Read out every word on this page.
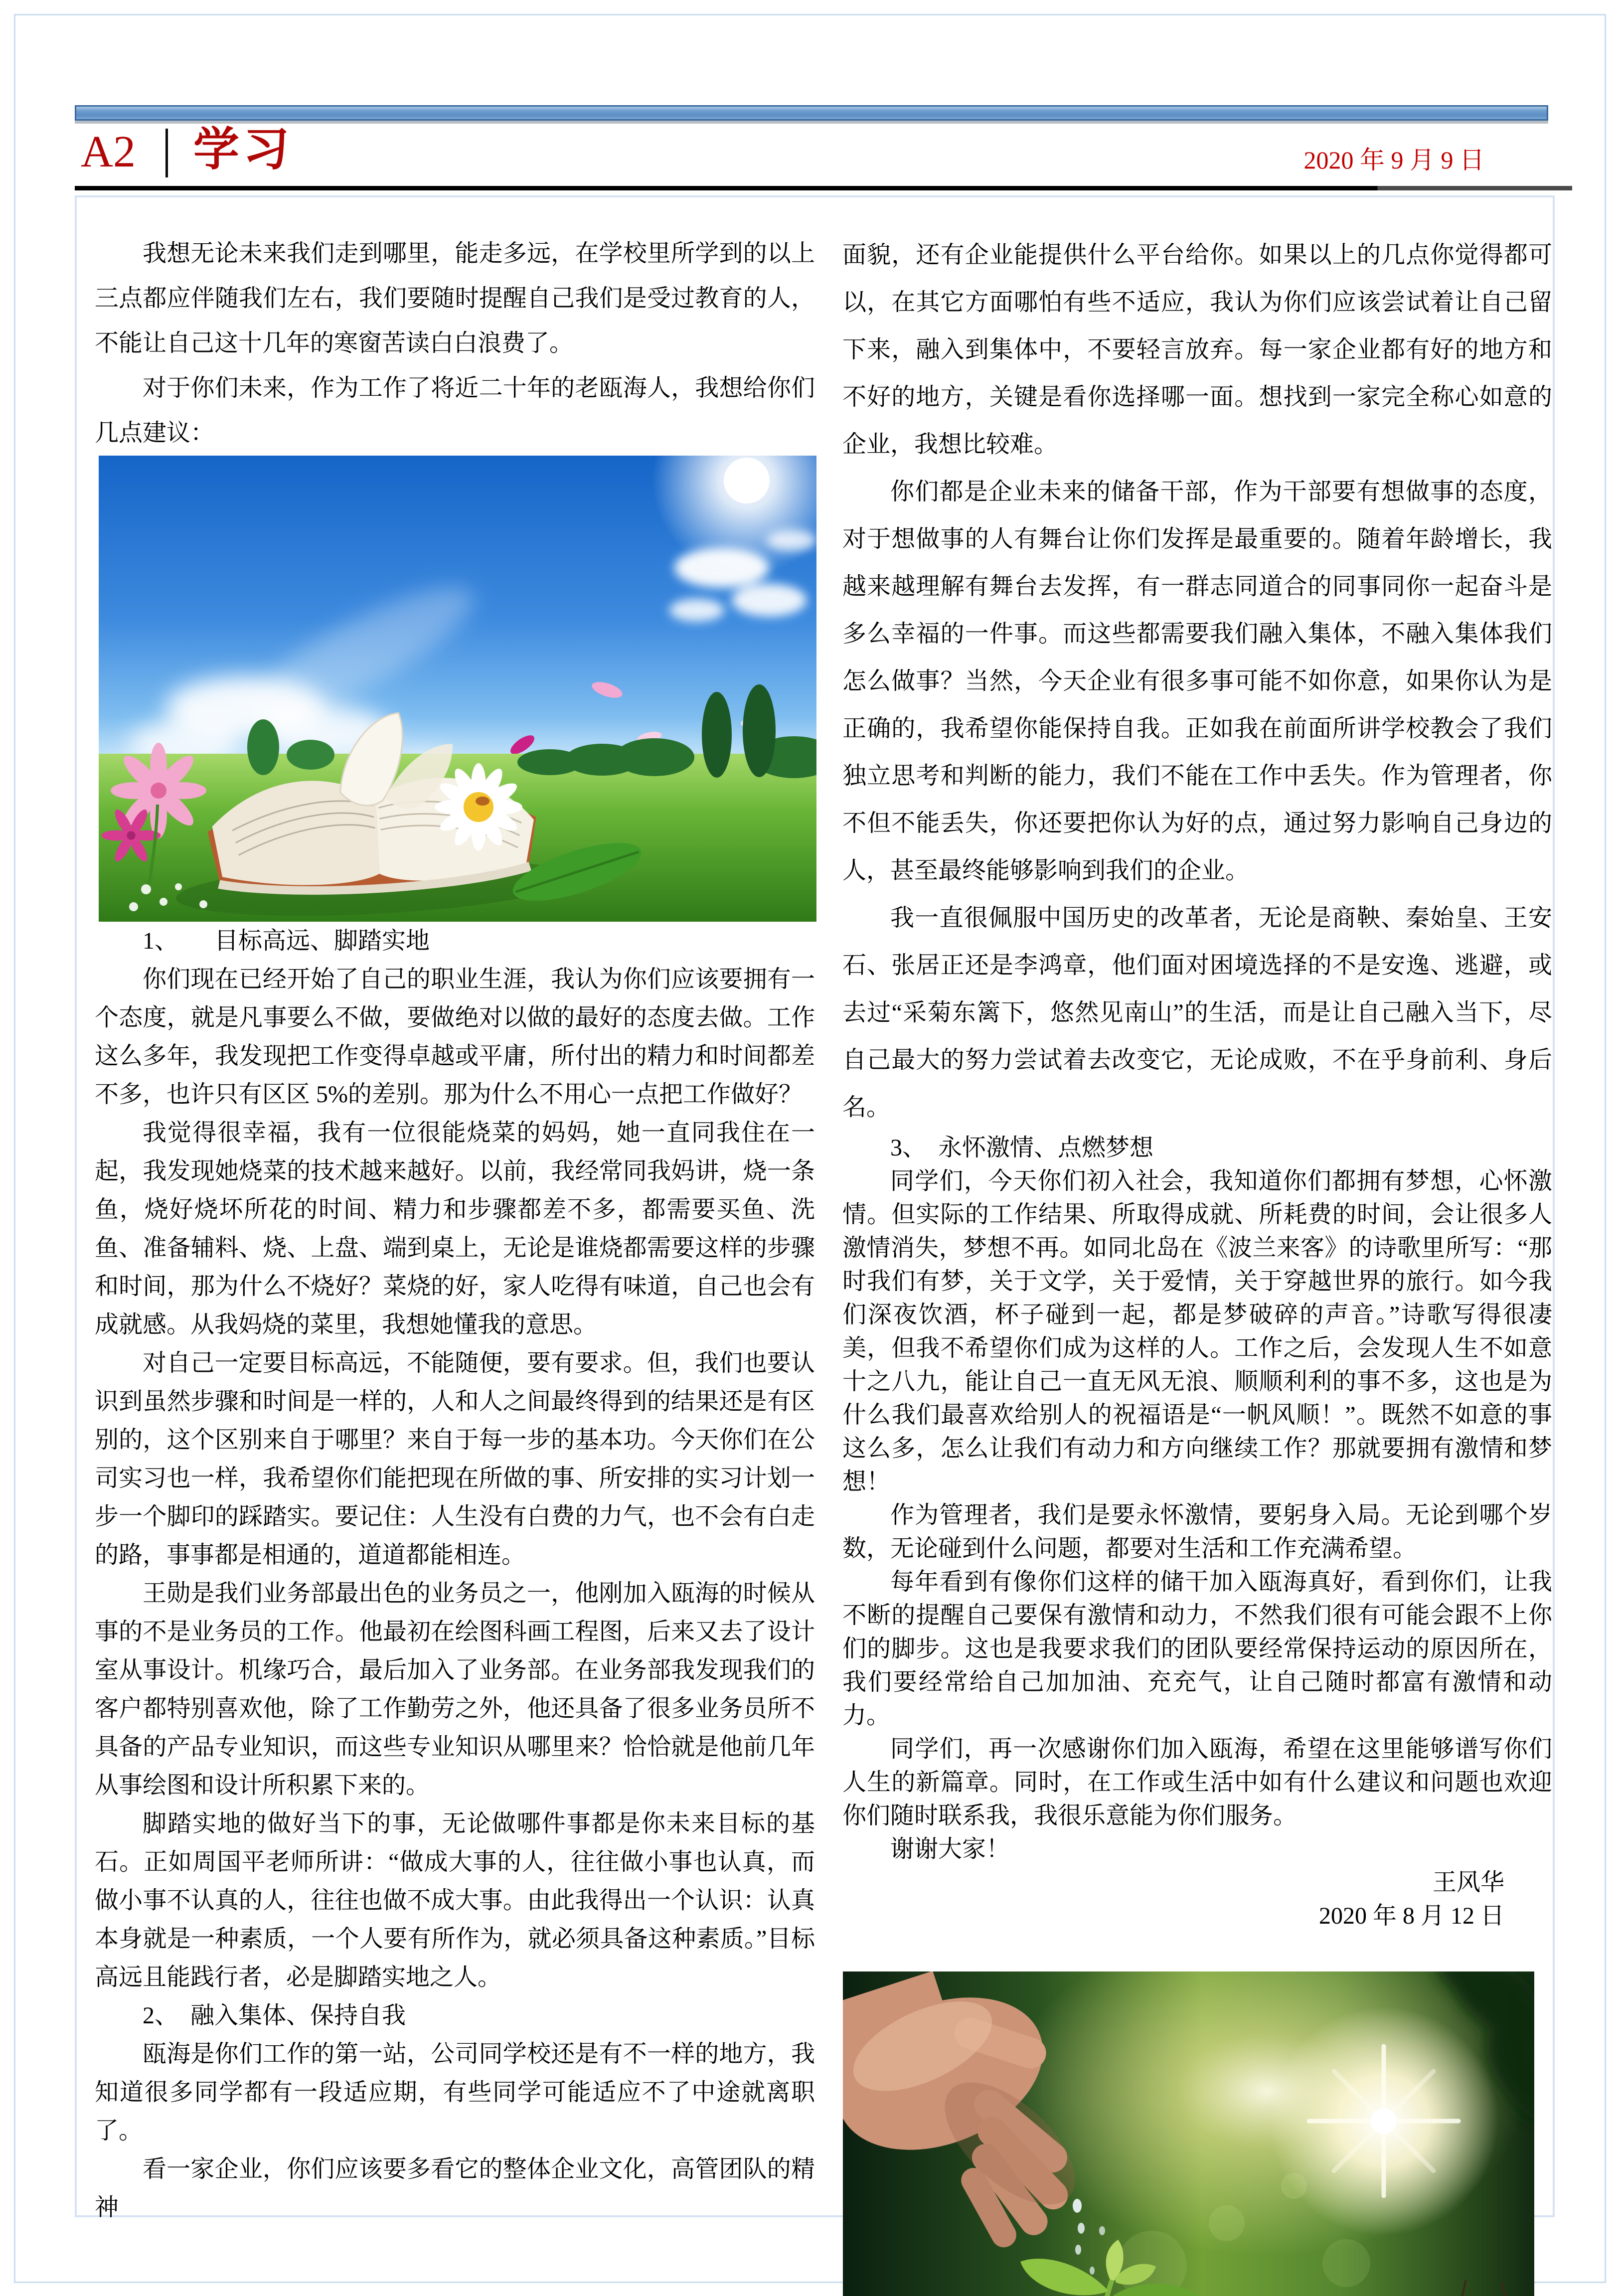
A2 学习	2020 年 9 月 9 日

我想无论未来我们走到哪里，能走多远，在学校里所学到的以上三点都应伴随我们左右，我们要随时提醒自己我们是受过教育的人，不能让自己这十几年的寒窗苦读白白浪费了。

对于你们未来，作为工作了将近二十年的老瓯海人，我想给你们几点建议：

1、　　目标高远、脚踏实地

你们现在已经开始了自己的职业生涯，我认为你们应该要拥有一个态度，就是凡事要么不做，要做绝对以做的最好的态度去做。工作这么多年，我发现把工作变得卓越或平庸，所付出的精力和时间都差不多，也许只有区区 5%的差别。那为什么不用心一点把工作做好？

我觉得很幸福，我有一位很能烧菜的妈妈，她一直同我住在一起，我发现她烧菜的技术越来越好。以前，我经常同我妈讲，烧一条鱼，烧好烧坏所花的时间、精力和步骤都差不多，都需要买鱼、洗鱼、准备辅料、烧、上盘、端到桌上，无论是谁烧都需要这样的步骤和时间，那为什么不烧好？菜烧的好，家人吃得有味道，自己也会有成就感。从我妈烧的菜里，我想她懂我的意思。

对自己一定要目标高远，不能随便，要有要求。但，我们也要认识到虽然步骤和时间是一样的，人和人之间最终得到的结果还是有区别的，这个区别来自于哪里？来自于每一步的基本功。今天你们在公司实习也一样，我希望你们能把现在所做的事、所安排的实习计划一步一个脚印的踩踏实。要记住：人生没有白费的力气，也不会有白走的路，事事都是相通的，道道都能相连。

王勋是我们业务部最出色的业务员之一，他刚加入瓯海的时候从事的不是业务员的工作。他最初在绘图科画工程图，后来又去了设计室从事设计。机缘巧合，最后加入了业务部。在业务部我发现我们的客户都特别喜欢他，除了工作勤劳之外，他还具备了很多业务员所不具备的产品专业知识，而这些专业知识从哪里来？恰恰就是他前几年从事绘图和设计所积累下来的。

脚踏实地的做好当下的事，无论做哪件事都是你未来目标的基石。正如周国平老师所讲：“做成大事的人，往往做小事也认真，而做小事不认真的人，往往也做不成大事。由此我得出一个认识：认真本身就是一种素质，一个人要有所作为，就必须具备这种素质。”目标高远且能践行者，必是脚踏实地之人。

2、　融入集体、保持自我

瓯海是你们工作的第一站，公司同学校还是有不一样的地方，我知道很多同学都有一段适应期，有些同学可能适应不了中途就离职了。

看一家企业，你们应该要多看它的整体企业文化，高管团队的精神

面貌，还有企业能提供什么平台给你。如果以上的几点你觉得都可以，在其它方面哪怕有些不适应，我认为你们应该尝试着让自己留下来，融入到集体中，不要轻言放弃。每一家企业都有好的地方和不好的地方，关键是看你选择哪一面。想找到一家完全称心如意的企业，我想比较难。

你们都是企业未来的储备干部，作为干部要有想做事的态度，对于想做事的人有舞台让你们发挥是最重要的。随着年龄增长，我越来越理解有舞台去发挥，有一群志同道合的同事同你一起奋斗是多么幸福的一件事。而这些都需要我们融入集体，不融入集体我们怎么做事？当然，今天企业有很多事可能不如你意，如果你认为是正确的，我希望你能保持自我。正如我在前面所讲学校教会了我们独立思考和判断的能力，我们不能在工作中丢失。作为管理者，你不但不能丢失，你还要把你认为好的点，通过努力影响自己身边的人，甚至最终能够影响到我们的企业。

我一直很佩服中国历史的改革者，无论是商鞅、秦始皇、王安石、张居正还是李鸿章，他们面对困境选择的不是安逸、逃避，或去过“采菊东篱下，悠然见南山”的生活，而是让自己融入当下，尽自己最大的努力尝试着去改变它，无论成败，不在乎身前利、身后名。

3、　永怀激情、点燃梦想

同学们，今天你们初入社会，我知道你们都拥有梦想，心怀激情。但实际的工作结果、所取得成就、所耗费的时间，会让很多人激情消失，梦想不再。如同北岛在《波兰来客》的诗歌里所写：“那时我们有梦，关于文学，关于爱情，关于穿越世界的旅行。如今我们深夜饮酒，杯子碰到一起，都是梦破碎的声音。”诗歌写得很凄美，但我不希望你们成为这样的人。工作之后，会发现人生不如意十之八九，能让自己一直无风无浪、顺顺利利的事不多，这也是为什么我们最喜欢给别人的祝福语是“一帆风顺！”。既然不如意的事这么多，怎么让我们有动力和方向继续工作？那就要拥有激情和梦想！

作为管理者，我们是要永怀激情，要躬身入局。无论到哪个岁数，无论碰到什么问题，都要对生活和工作充满希望。

每年看到有像你们这样的储干加入瓯海真好，看到你们，让我不断的提醒自己要保有激情和动力，不然我们很有可能会跟不上你们的脚步。这也是我要求我们的团队要经常保持运动的原因所在，我们要经常给自己加加油、充充气，让自己随时都富有激情和动力。

同学们，再一次感谢你们加入瓯海，希望在这里能够谱写你们人生的新篇章。同时，在工作或生活中如有什么建议和问题也欢迎你们随时联系我，我很乐意能为你们服务。

谢谢大家！

王风华

2020 年 8 月 12 日
